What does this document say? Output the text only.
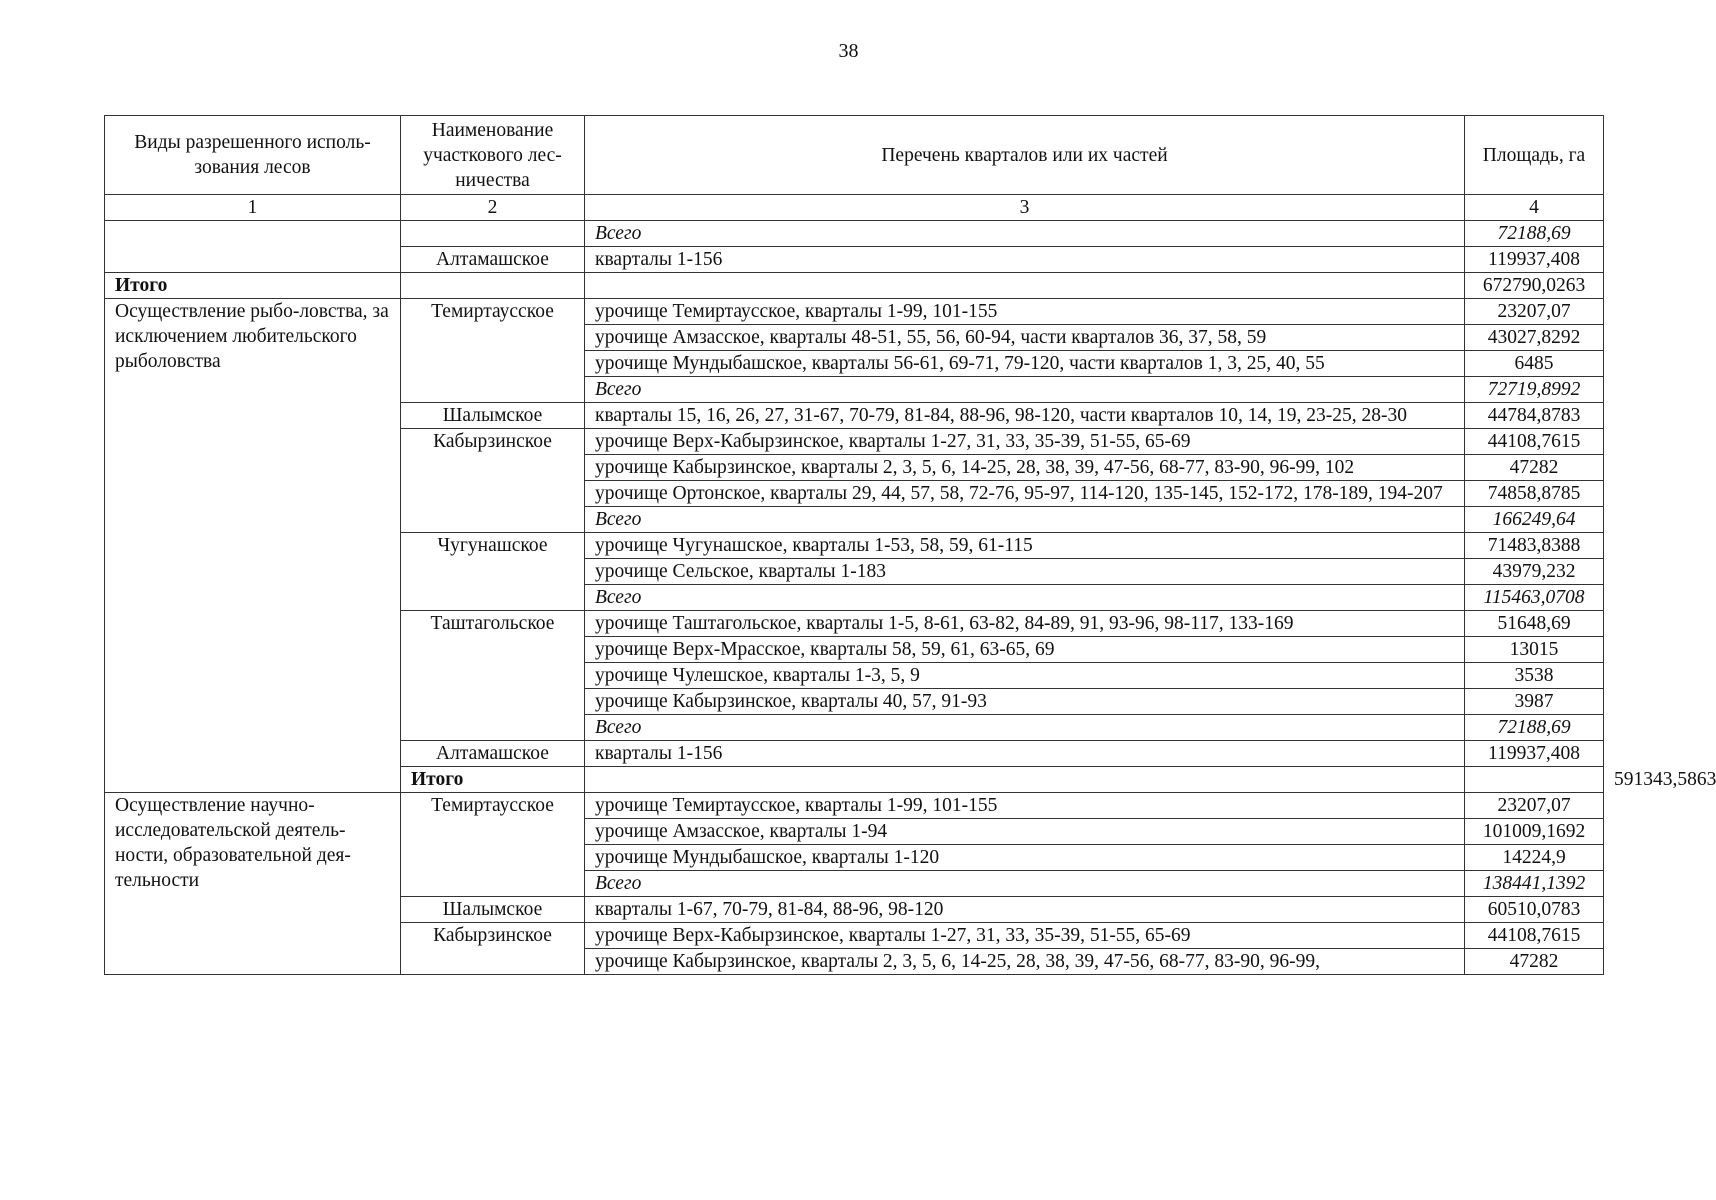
38
Виды разрешенного исполь-зования лесов	Наименование участкового лес-ничества	Перечень кварталов или их частей	Площадь, га	
1	2	3	4	
		Всего	72188,69	
	Алтамашское	кварталы 1-156	119937,408	
Итого			672790,0263	
Осуществление рыбо-ловства, за исключением любительского рыболовства	Темиртаусское	урочище Темиртаусское, кварталы 1-99, 101-155	23207,07	
		урочище Амзасское, кварталы 48-51, 55, 56, 60-94, части кварталов 36, 37, 58, 59	43027,8292	
		урочище Мундыбашское, кварталы 56-61, 69-71, 79-120, части кварталов 1, 3, 25, 40, 55	6485	
		Всего	72719,8992	
	Шалымское	кварталы 15, 16, 26, 27, 31-67, 70-79, 81-84, 88-96, 98-120, части кварталов 10, 14, 19, 23-25, 28-30	44784,8783	
	Кабырзинское	урочище Верх-Кабырзинское, кварталы 1-27, 31, 33, 35-39, 51-55, 65-69	44108,7615	
		урочище Кабырзинское, кварталы 2, 3, 5, 6, 14-25, 28, 38, 39, 47-56, 68-77, 83-90, 96-99, 102	47282	
		урочище Ортонское, кварталы 29, 44, 57, 58, 72-76, 95-97, 114-120, 135-145, 152-172, 178-189, 194-207	74858,8785	
		Всего	166249,64	
	Чугунашское	урочище Чугунашское, кварталы 1-53, 58, 59, 61-115	71483,8388	
		урочище Сельское, кварталы 1-183	43979,232	
		Всего	115463,0708	
	Таштагольское	урочище Таштагольское, кварталы 1-5, 8-61, 63-82, 84-89, 91, 93-96, 98-117, 133-169	51648,69	
		урочище Верх-Мрасское, кварталы 58, 59, 61, 63-65, 69	13015	
		урочище Чулешское, кварталы 1-3, 5, 9	3538	
		урочище Кабырзинское, кварталы 40, 57, 91-93	3987	
		Всего	72188,69	
	Алтамашское	кварталы 1-156	119937,408	
	Итого			591343,5863
Осуществление научно-исследовательской деятель-ности, образовательной дея-тельности	Темиртаусское	урочище Темиртаусское, кварталы 1-99, 101-155	23207,07	
		урочище Амзасское, кварталы 1-94	101009,1692	
		урочище Мундыбашское, кварталы 1-120	14224,9	
		Всего	138441,1392	
	Шалымское	кварталы 1-67, 70-79, 81-84, 88-96, 98-120	60510,0783	
	Кабырзинское	урочище Верх-Кабырзинское, кварталы 1-27, 31, 33, 35-39, 51-55, 65-69	44108,7615	
		урочище Кабырзинское, кварталы 2, 3, 5, 6, 14-25, 28, 38, 39, 47-56, 68-77, 83-90, 96-99,	47282	
